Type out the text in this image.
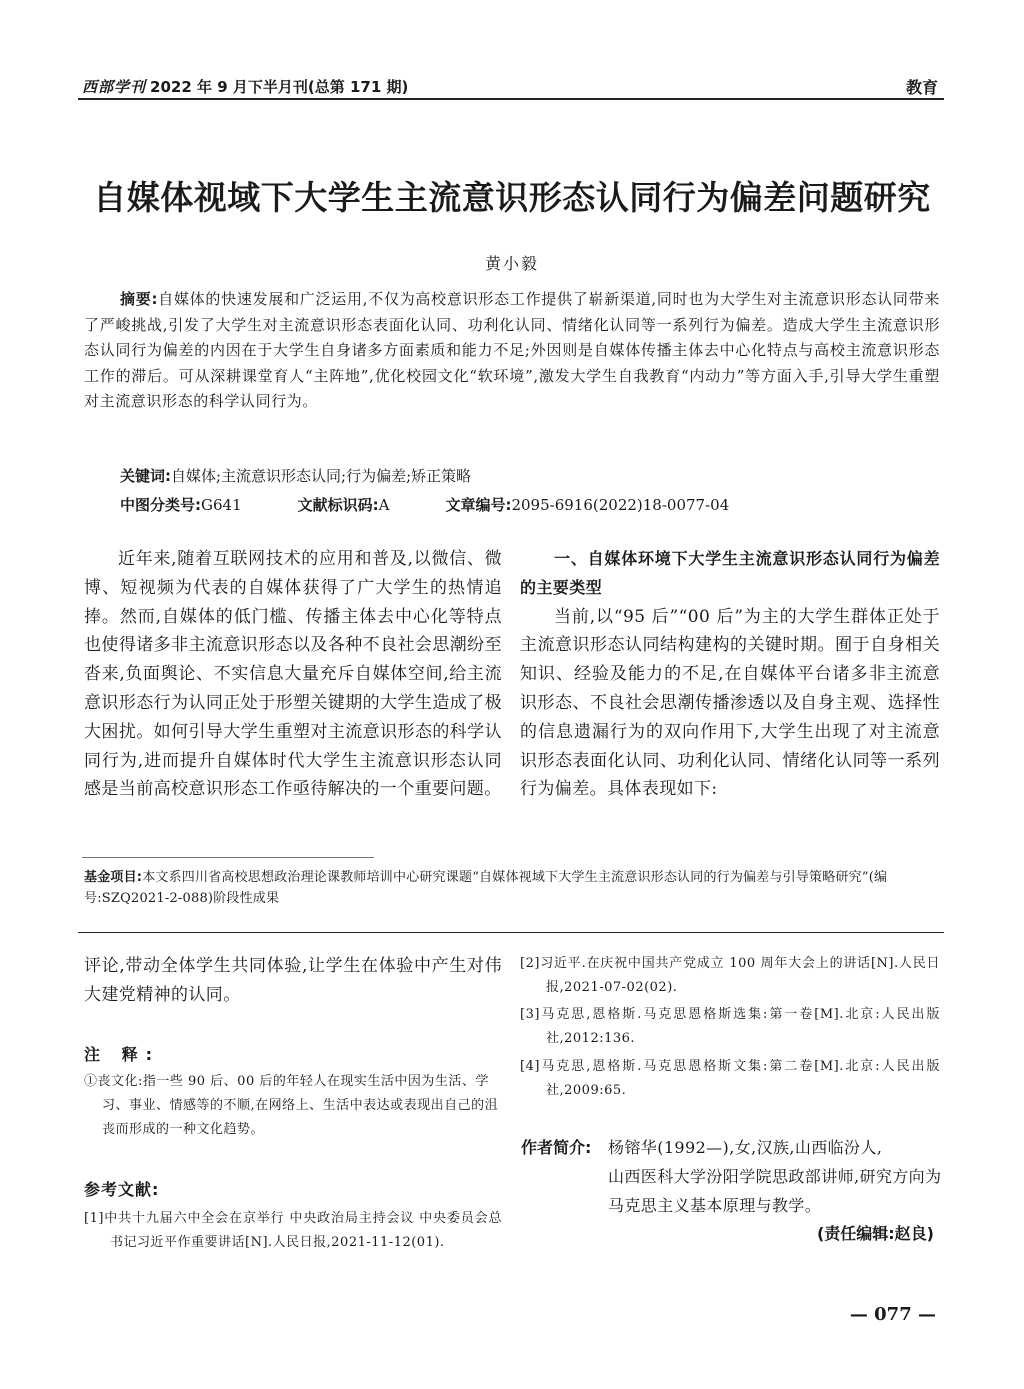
西部学刊 2022 年 9 月下半月刊(总第 171 期)	教育
自媒体视域下大学生主流意识形态认同行为偏差问题研究
黄小毅
摘要:自媒体的快速发展和广泛运用,不仅为高校意识形态工作提供了崭新渠道,同时也为大学生对主流意识形态认同带来了严峻挑战,引发了大学生对主流意识形态表面化认同、功利化认同、情绪化认同等一系列行为偏差。造成大学生主流意识形态认同行为偏差的内因在于大学生自身诸多方面素质和能力不足;外因则是自媒体传播主体去中心化特点与高校主流意识形态工作的滞后。可从深耕课堂育人“主阵地”,优化校园文化“软环境”,激发大学生自我教育“内动力”等方面入手,引导大学生重塑对主流意识形态的科学认同行为。
关键词:自媒体;主流意识形态认同;行为偏差;矫正策略
中图分类号:G641	文献标识码:A	文章编号:2095-6916(2022)18-0077-04
近年来,随着互联网技术的应用和普及,以微信、微博、短视频为代表的自媒体获得了广大学生的热情追捧。然而,自媒体的低门槛、传播主体去中心化等特点也使得诸多非主流意识形态以及各种不良社会思潮纷至沓来,负面舆论、不实信息大量充斥自媒体空间,给主流意识形态行为认同正处于形塑关键期的大学生造成了极大困扰。如何引导大学生重塑对主流意识形态的科学认同行为,进而提升自媒体时代大学生主流意识形态认同感是当前高校意识形态工作亟待解决的一个重要问题。
一、自媒体环境下大学生主流意识形态认同行为偏差的主要类型
当前,以“95 后”“00 后”为主的大学生群体正处于主流意识形态认同结构建构的关键时期。囿于自身相关知识、经验及能力的不足,在自媒体平台诸多非主流意识形态、不良社会思潮传播渗透以及自身主观、选择性的信息遗漏行为的双向作用下,大学生出现了对主流意识形态表面化认同、功利化认同、情绪化认同等一系列行为偏差。具体表现如下:
基金项目:本文系四川省高校思想政治理论课教师培训中心研究课题“自媒体视域下大学生主流意识形态认同的行为偏差与引导策略研究”(编号:SZQ2021-2-088)阶段性成果
评论,带动全体学生共同体验,让学生在体验中产生对伟大建党精神的认同。
注 释:
①丧文化:指一些 90 后、00 后的年轻人在现实生活中因为生活、学习、事业、情感等的不顺,在网络上、生活中表达或表现出自己的沮丧而形成的一种文化趋势。
参考文献:
[1]中共十九届六中全会在京举行 中央政治局主持会议 中央委员会总书记习近平作重要讲话[N].人民日报,2021-11-12(01).
[2]习近平.在庆祝中国共产党成立 100 周年大会上的讲话[N].人民日报,2021-07-02(02).
[3]马克思,恩格斯.马克思恩格斯选集:第一卷[M].北京:人民出版社,2012:136.
[4]马克思,恩格斯.马克思恩格斯文集:第二卷[M].北京:人民出版社,2009:65.
作者简介: 杨镕华(1992—),女,汉族,山西临汾人,
山西医科大学汾阳学院思政部讲师,研究方向为马克思主义基本原理与教学。
(责任编辑:赵良)
— 077 —
